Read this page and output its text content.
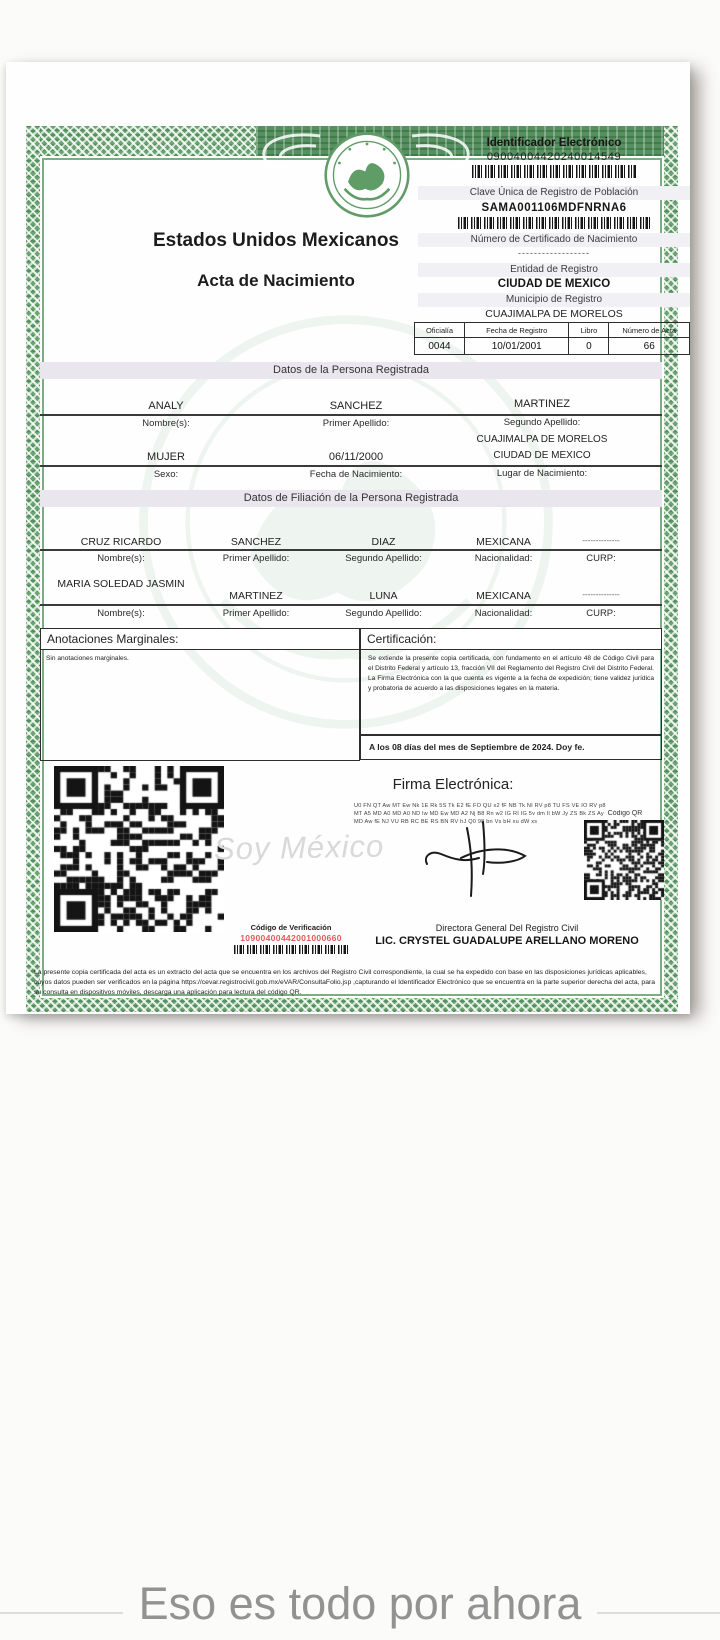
Estados Unidos Mexicanos
Acta de Nacimiento
Identificador Electrónico
09004004420240014549
Clave Única de Registro de Población
SAMA001106MDFNRNA6
Número de Certificado de Nacimiento
------------------
Entidad de Registro
CIUDAD DE MEXICO
Municipio de Registro
CUAJIMALPA DE MORELOS
Oficialía	Fecha de Registro	Libro	Número de Acta
0044	10/01/2001	0	66
Datos de la Persona Registrada
ANALY	SANCHEZ	MARTINEZ
Nombre(s):	Primer Apellido:	Segundo Apellido:
CUAJIMALPA DE MORELOS
MUJER	06/11/2000	CIUDAD DE MEXICO
Sexo:	Fecha de Nacimiento:	Lugar de Nacimiento:
Datos de Filiación de la Persona Registrada
CRUZ RICARDO	SANCHEZ	DIAZ	MEXICANA	--------------
Nombre(s):	Primer Apellido:	Segundo Apellido:	Nacionalidad:	CURP:
MARIA SOLEDAD JASMIN
MARTINEZ	LUNA	MEXICANA	--------------
Nombre(s):	Primer Apellido:	Segundo Apellido:	Nacionalidad:	CURP:
Anotaciones Marginales:
Sin anotaciones marginales.
Certificación:
Se extiende la presente copia certificada, con fundamento en el artículo 48 de Código Civil para el Distrito Federal y artículo 13, fracción VII del Reglamento del Registro Civil del Distrito Federal. La Firma Electrónica con la que cuenta es vigente a la fecha de expedición; tiene validez jurídica y probatoria de acuerdo a las disposiciones legales en la materia.
A los 08 días del mes de Septiembre de 2024. Doy fe.
Firma Electrónica:
U0 FN QT Aw MT Ew Nk 1E Rk 5S Tk E2 fE FO QU x2 fF NB Tk NI RV p8 TU FS VE IO RV p8
MT A5 MD A0 MD A0 ND lw MD Ew MD A2 Nj B8 Rn w2 IG RI IG 5v dm Il bW Jy ZS Bk ZS Ay
MD Aw fE NJ VU RB RC BE RS BN RV hJ Q0 98 bn Vs bH xu dW xs
Soy México
Código QR
Código de Verificación
10900400442001000660
Directora General Del Registro Civil
LIC. CRYSTEL GUADALUPE ARELLANO MORENO
La presente copia certificada del acta es un extracto del acta que se encuentra en los archivos del Registro Civil correspondiente, la cual se ha expedido con base en las disposiciones jurídicas aplicables, cuyos datos pueden ser verificados en la página https://cevar.registrocivil.gob.mx/eVAR/ConsultaFolio.jsp ,capturando el Identificador Electrónico que se encuentra en la parte superior derecha del acta, para su consulta en dispositivos móviles, descarga una aplicación para lectura del código QR.
Eso es todo por ahora
